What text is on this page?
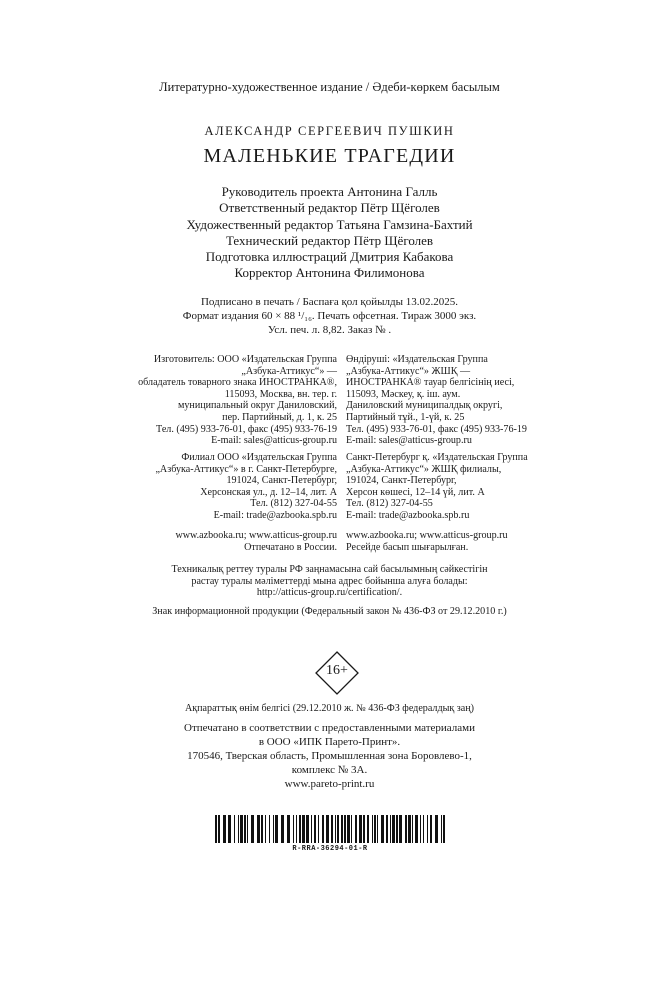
Литературно-художественное издание / Әдеби-көркем басылым
АЛЕКСАНДР СЕРГЕЕВИЧ ПУШКИН
МАЛЕНЬКИЕ ТРАГЕДИИ
Руководитель проекта Антонина Галль
Ответственный редактор Пётр Щёголев
Художественный редактор Татьяна Гамзина-Бахтий
Технический редактор Пётр Щёголев
Подготовка иллюстраций Дмитрия Кабакова
Корректор Антонина Филимонова
Подписано в печать / Баспаға қол қойылды 13.02.2025.
Формат издания 60 × 88 ¹/₁₆. Печать офсетная. Тираж 3000 экз.
Усл. печ. л. 8,82. Заказ № .
Изготовитель: ООО «Издательская Группа
„Азбука-Аттикус“» —
обладатель товарного знака ИНОСТРАНКА®,
115093, Москва, вн. тер. г.
муниципальный округ Даниловский,
пер. Партийный, д. 1, к. 25
Тел. (495) 933-76-01, факс (495) 933-76-19
E-mail: sales@atticus-group.ru
Өндіруші: «Издательская Группа
„Азбука-Аттикус“» ЖШҚ —
ИНОСТРАНКА® тауар белгісінің иесі,
115093, Мәскеу, қ. іш. аум.
Даниловский муниципалдық округі,
Партийный тұй., 1-үй, к. 25
Тел. (495) 933-76-01, факс (495) 933-76-19
E-mail: sales@atticus-group.ru
Филиал ООО «Издательская Группа
„Азбука-Аттикус“» в г. Санкт-Петербурге,
191024, Санкт-Петербург,
Херсонская ул., д. 12–14, лит. А
Тел. (812) 327-04-55
E-mail: trade@azbooka.spb.ru
Санкт-Петербург қ. «Издательская Группа
„Азбука-Аттикус“» ЖШҚ филиалы,
191024, Санкт-Петербург,
Херсон көшесі, 12–14 үй, лит. А
Тел. (812) 327-04-55
E-mail: trade@azbooka.spb.ru
www.azbooka.ru; www.atticus-group.ru
Отпечатано в России.
www.azbooka.ru; www.atticus-group.ru
Ресейде басып шығарылған.
Техникалық реттеу туралы РФ заңнамасына сай басылымның сәйкестігін
растау туралы мәліметтерді мына адрес бойынша алуға болады:
http://atticus-group.ru/certification/.
Знак информационной продукции (Федеральный закон № 436-ФЗ от 29.12.2010 г.)
16+
Ақпараттық өнім белгісі (29.12.2010 ж. № 436-ФЗ федералдық заң)
Отпечатано в соответствии с предоставленными материалами
в ООО «ИПК Парето-Принт».
170546, Тверская область, Промышленная зона Боровлево-1,
комплекс № 3А.
www.pareto-print.ru
R-RRA-36294-01-R
